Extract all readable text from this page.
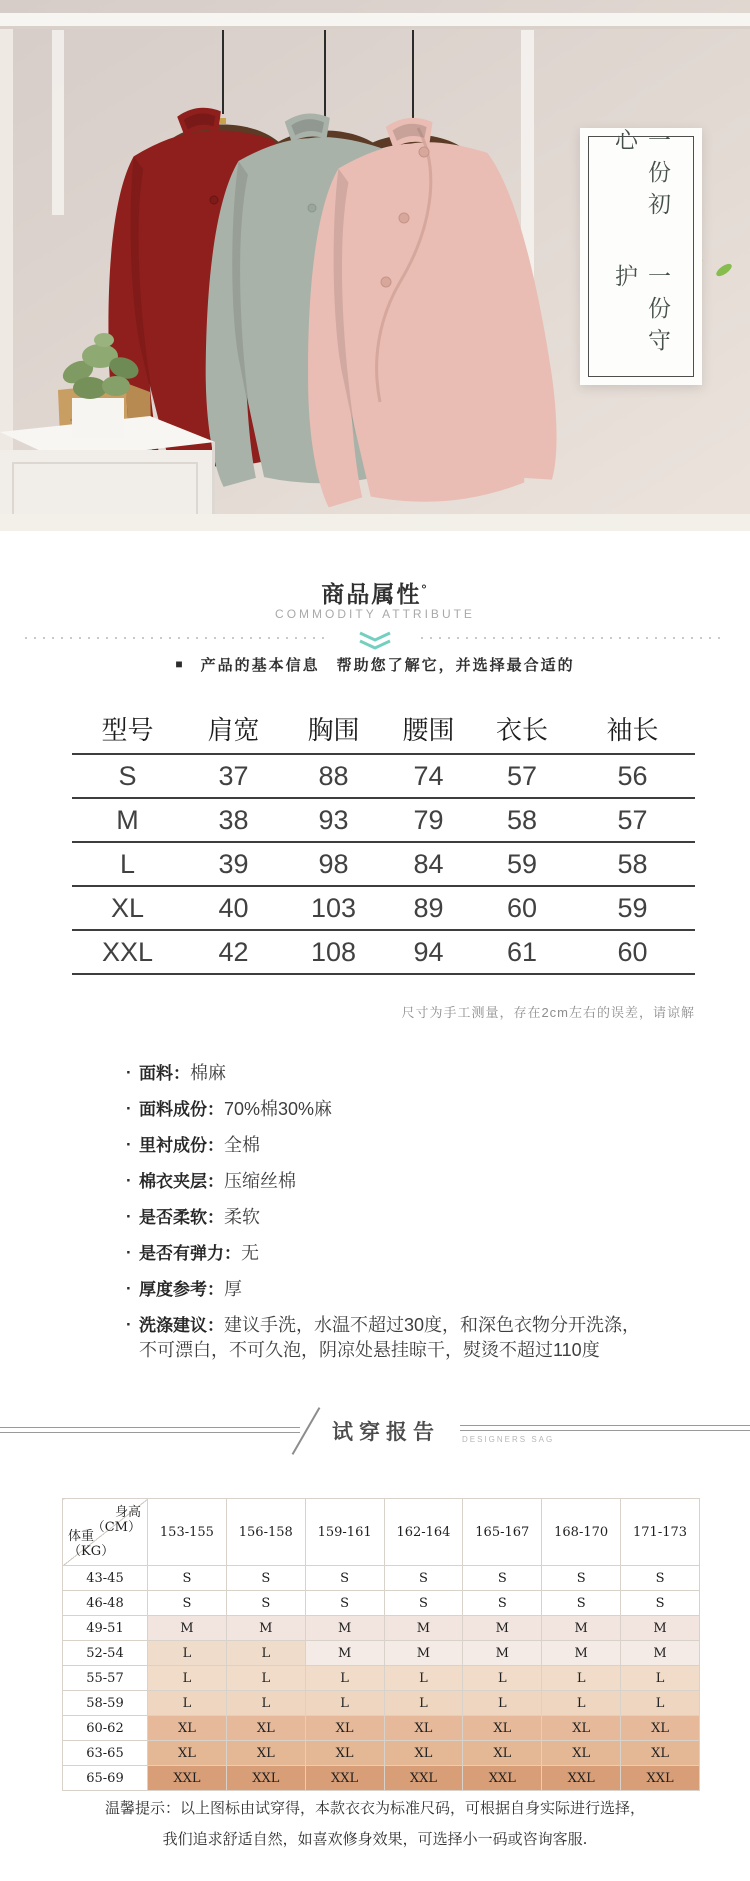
一份初心
一份守护
商品属性°
COMMODITY ATTRIBUTE
■ 产品的基本信息　帮助您了解它，并选择最合适的
型号	肩宽	胸围	腰围	衣长	袖长
S	37	88	74	57	56
M	38	93	79	58	57
L	39	98	84	59	58
XL	40	103	89	60	59
XXL	42	108	94	61	60
尺寸为手工测量，存在2cm左右的误差，请谅解
· 面料：棉麻
· 面料成份：70%棉30%麻
· 里衬成份：全棉
· 棉衣夹层：压缩丝棉
· 是否柔软：柔软
· 是否有弹力：无
· 厚度参考：厚
· 洗涤建议：建议手洗，水温不超过30度，和深色衣物分开洗涤，
不可漂白，不可久泡，阴凉处悬挂晾干，熨烫不超过110度
试穿报告	DESIGNERS SAG
身高
（CM）
体重
（KG）	153-155	156-158	159-161	162-164	165-167	168-170	171-173
43-45	S	S	S	S	S	S	S
46-48	S	S	S	S	S	S	S
49-51	M	M	M	M	M	M	M
52-54	L	L	M	M	M	M	M
55-57	L	L	L	L	L	L	L
58-59	L	L	L	L	L	L	L
60-62	XL	XL	XL	XL	XL	XL	XL
63-65	XL	XL	XL	XL	XL	XL	XL
65-69	XXL	XXL	XXL	XXL	XXL	XXL	XXL
温馨提示：以上图标由试穿得，本款衣衣为标准尺码，可根据自身实际进行选择，
我们追求舒适自然，如喜欢修身效果，可选择小一码或咨询客服.
